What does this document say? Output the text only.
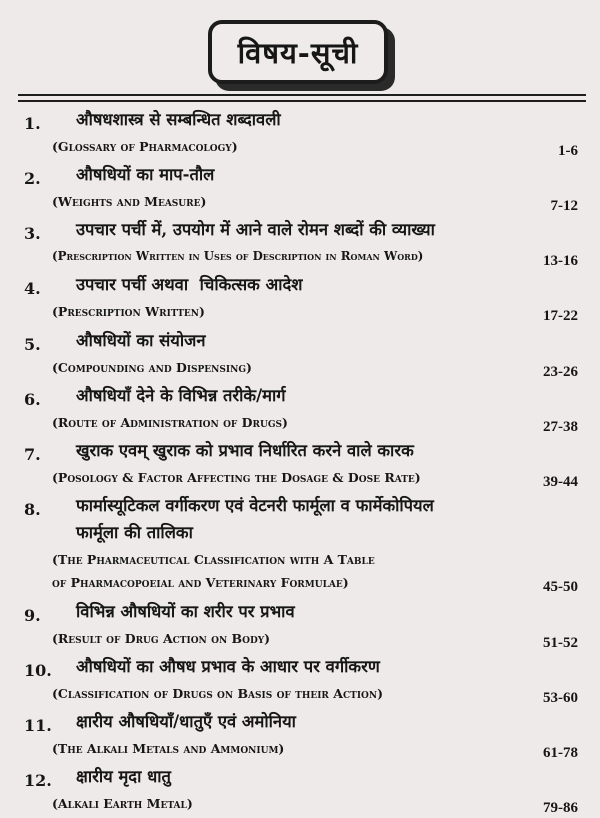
विषय-सूची
1.	औषधशास्त्र से सम्बन्धित शब्दावली
(Glossary of Pharmacology)	1-6
2.	औषधियों का माप-तौल
(Weights and Measure)	7-12
3.	उपचार पर्ची में, उपयोग में आने वाले रोमन शब्दों की व्याख्या
(Prescription Written in Uses of Description in Roman Word)	13-16
4.	उपचार पर्ची अथवा  चिकित्सक आदेश
(Prescription Written)	17-22
5.	औषधियों का संयोजन
(Compounding and Dispensing)	23-26
6.	औषधियाँ देने के विभिन्न तरीके/मार्ग
(Route of Administration of Drugs)	27-38
7.	खुराक एवम् खुराक को प्रभाव निर्धारित करने वाले कारक
(Posology & Factor Affecting the Dosage & Dose Rate)	39-44
8.	फार्मास्यूटिकल वर्गीकरण एवं वेटनरी फार्मूला व फार्मेकोपियल
फार्मूला की तालिका
(The Pharmaceutical Classification with A Table
of Pharmacopoeial and Veterinary Formulae)	45-50
9.	विभिन्न औषधियों का शरीर पर प्रभाव
(Result of Drug Action on Body)	51-52
10.	औषधियों का औषध प्रभाव के आधार पर वर्गीकरण
(Classification of Drugs on Basis of their Action)	53-60
11.	क्षारीय औषधियाँ/धातुएँ एवं अमोनिया
(The Alkali Metals and Ammonium)	61-78
12.	क्षारीय मृदा धातु
(Alkali Earth Metal)	79-86
